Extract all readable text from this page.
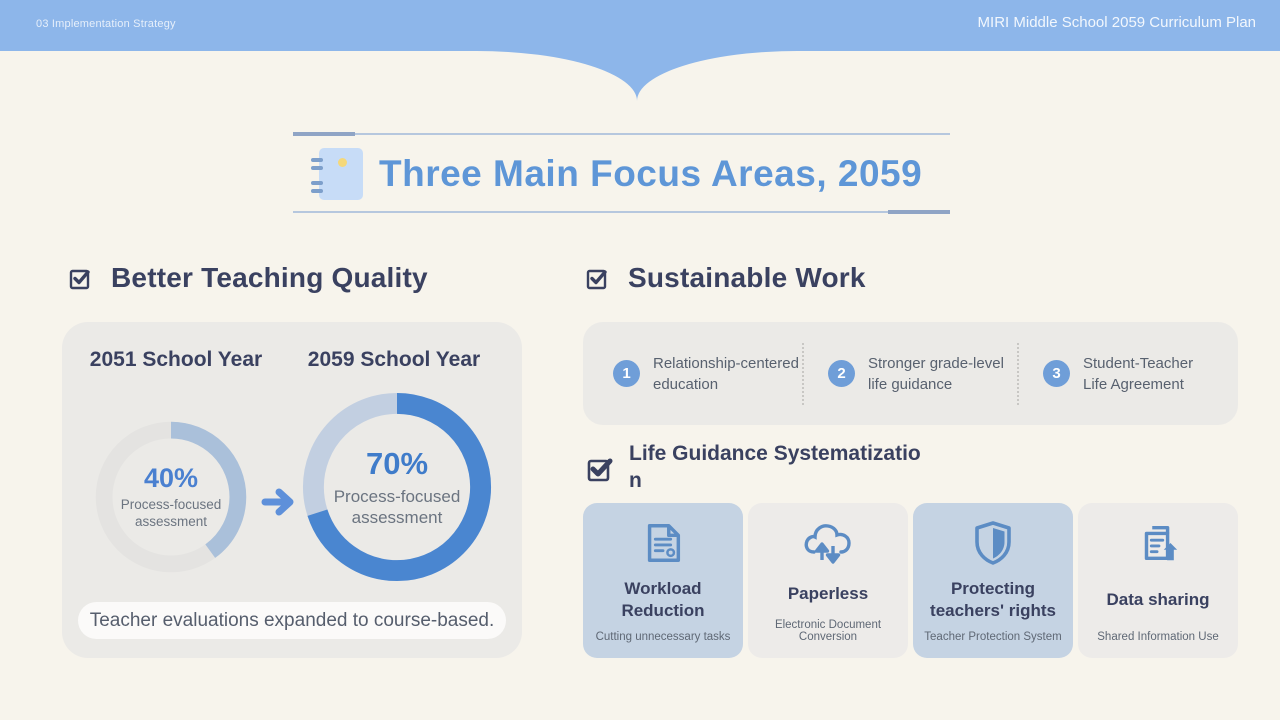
03 Implementation Strategy	MIRI Middle School 2059 Curriculum Plan
Three Main Focus Areas, 2059
Better Teaching Quality
2051 School Year 2059 School Year
40%
Process-focused assessment
70%
Process-focused assessment
Teacher evaluations expanded to course-based.
Sustainable Work
1
Relationship-centered
education
2
Stronger grade-level
life guidance
3
Student-Teacher
Life Agreement
Life Guidance Systematizatio
n
Workload Reduction
Cutting unnecessary tasks
Paperless
Electronic Document Conversion
Protecting teachers' rights
Teacher Protection System
Data sharing
Shared Information Use
